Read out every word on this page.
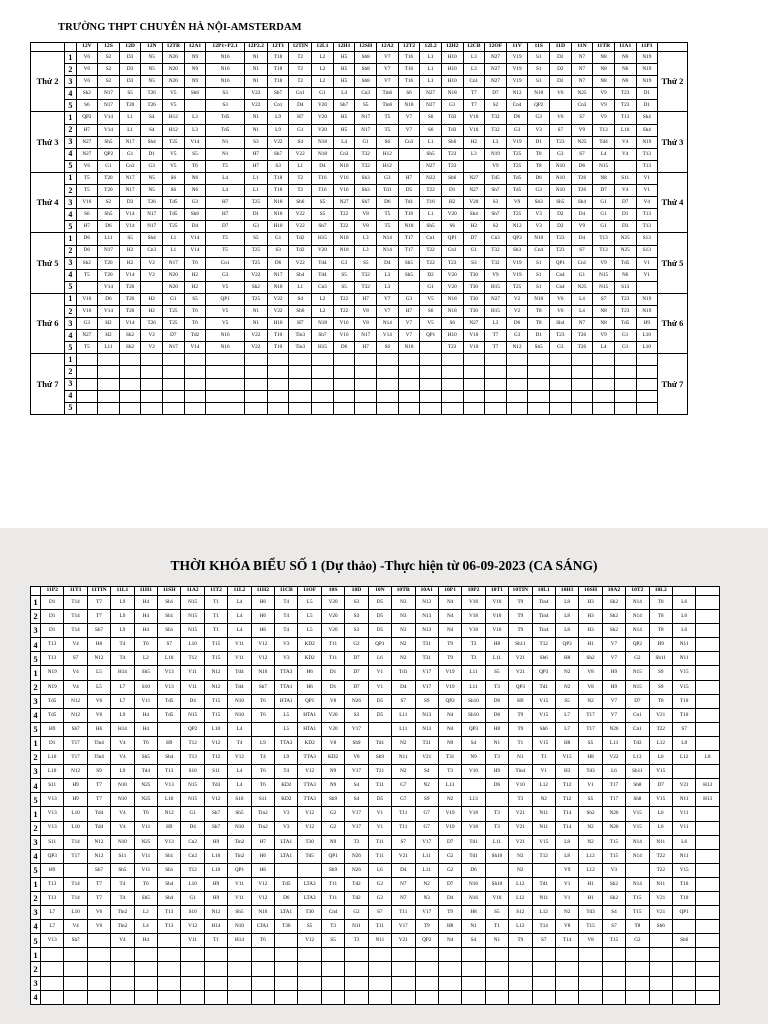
TRƯỜNG THPT CHUYÊN HÀ NỘI-AMSTERDAM
		12V	12S	12D	12N	12TR	12A1	12P1+P2.1	12P2.2	12T1	12TIN	12L1	12H1	12SH	12A2	12T2	12L2	12H2	12CB	12OF	11V	11S	11D	11N	11TR	11A1	11P1		
Thứ 2	1	V6	S2	D3	N5	N20	N9	N16	N1	T18	T2	L2	H5	Sh8	V7	T16	L1	H10	L3	N27	V19	S1	D2	N7	N8	N6	N19	Thứ 2	
	2	V6	S2	D3	N5	N20	N9	N16	N1	T18	T2	L2	H5	Sh8	V7	T16	L1	H10	L3	N27	V19	S1	D2	N7	N8	N6	N19		
	3	V6	S2	D3	N5	N20	N9	N16	N1	T18	T2	L2	H5	Sh8	V7	T16	L1	H10	Cn1	N27	V19	S1	D2	N7	N8	N6	N19		
	4	Sh2	N17	S5	T26	V5	Sh6	S3	V22	Sh7	Cn1	G1	L4	Cn3	Tin6	S6	N27	N18	T7	D7	N12	N10	V6	N25	V9	T23	D1		
	5	S6	N17	T20	T26	V5		S3	V22	Cn1	D4	V20	Sh7	S5	Tin6	N18	N27	G1	T7	S2	Cn4	QP2		Cn3	V9	T23	D1		
Thứ 3	1	QP2	V14	L1	S4	H12	L3	Td5	N1	L9	H7	V20	H5	N17	T5	V7	S6	Td3	V10	T32	D6	G3	V6	S7	V9	T13	Sh4	Thứ 3	
	2	H7	V14	L1	S4	H12	L3	Td5	N1	L9	G1	V20	H5	N17	T5	V7	S6	Td3	V10	T32	G3	V3	S7	V9	T13	L10	Sh4		
	3	N27	Sh5	N17	Sh4	T25	V14	N1	S3	V22	S4	N18	L4	G1	S6	Cn3	L1	Sh6	H2	L3	V19	D1	T23	N25	Td4	V4	N19		
	4	N27	QP2	G1	D1	V5	S5	N1	H7	Sh7	V22	N18	Cn3	T32	H12		Sh5	T23	L3	N19	T25	T8	G3	S7	L4	V4	T13		
	5	V6	G1	Cn3	G3	V5	T6	T5	H7	S3	L1	D4	N18	T32	H12		N27	T23		V9	T25	T8	N10	D6	N15		T13		
Thứ 4	1	T5	T20	N17	N5	S6	N6	L4	L1	T18	T2	T16	V16	Sh3	G3	H7	N22	Sh6	N27	Td5	Td5	D6	N10	T26	N8	S11	V1	Thứ 4	
	2	T5	T20	N17	N5	S6	N6	L4	L1	T18	T2	T16	V16	Sh3	Td1	D5	T22	D1	N27	Sh7	Td5	G3	N10	T26	D7	V4	V1		
	3	V16	S2	D3	T26	Td5	G3	H7	T25	N18	Sh6	S5	N27	Sh7	D6	Td1	T16	H2	V20	S3	V9	Sh3	Sh5	Sh4	G1	D7	V4	
	4	S6	Sh5	V14	N17	Td5	Sh6	H7	D1	N18	V22	S5	T22	V8	T5	T16	L1	V20	Sh4	Sh7	T25	V3	D2	D4	G1	D1	T13		
	5	H7	D6	V14	N17	T25	D4	D7	G3	H10	V22	Sh7	T22	V8	T5	N18	Sh5	S6	H2	S2	N12	V3	D2	V9	G1	D3	T13		
Thứ 5	1	D6	L11	S5	Sh4	L1	V14	T5	S5	G1	Td2	H15	N18	L3	N14	T17	Cn1	QP1	D7	Cn3	QP3	N10	T23	D4	T13	N25	S13	Thứ 5	
	2	D6	N17	H2	Cn3	L1	V14	T5	T25	S3	Td2	V20	N18	L3	N14	T17	T22	Cn1	G1	T32	Sh3	Cn4	T23	S7	T13	N25	S13		
	3	Sh2	T20	H2	V2	N17	T6	Cn1	T25	D6	V22	Td4	G3	S5	D4	Sh5	T22	T23	S3	T32	V19	S1	QP1	Cn1	V9	Td5	V1		
	4	T5	T20	V14	V2	N20	H2	G3	V22	N17	Sh4	Td4	S5	T32	L3	Sh5	D2	V20	T30	V9	V19	S1	Cn4	G1	N15	N6	V1		
	5		V14	T20		N20	H2	V5	Sh2	N18	L1	Cn3	S5	T32	L3		G1	V20	T30	H15	T25	S1	Cn4	N25	N15	S13			
Thứ 6	1	V16	D6	T20	H2	G1	S5	QP1	T25	V22	S4	L2	T22	H7	V7	G3	V5	N18	T30	N27	V2	N10	V6	L4	S7	T23	N19	Thứ 6	
	2	V16	V14	T20	H2	T25	T6	V5	N1	V22	Sh6	L2	T22	V8	V7	H7	S6	N18	T30	H15	V2	T8	V6	L4	N8	T23	N19		
	3	G3	H2	V14	T26	T25	T6	V5	N1	H10	H7	N18	V16	V8	N14	V7	V5	S6	N27	L3	D6	T8	Sh4	N7	N8	Td5	H9		
	4	N27	H2	Sh2	V2	D7	Td2	N16	V22	T10	Tin3	Sh7	V16	N17	V14	V7	QP1	H10	V10	T7	G3	D1	T23	T26	V9	G1	L10		
	5	T5	L11	Sh2	V2	N17	V14	N16	V22	T10	Tin3	H15	D6	H7	S6	N18		T23	V10	T7	N12	Sh5	G3	T26	L4	G1	L10		
Thứ 7	1																											Thứ 7	
	2																												
	3																												
	4																												
	5																												
THỜI KHÓA BIỂU SỐ 1 (Dự thảo) -Thực hiện từ 06-09-2023 (CA SÁNG)
	11P2	11T1	11TIN	11L1	11H1	11SH	11A2	11T2	11L2	11H2	11CB	11OF	10S	10D	10N	10TR	10A1	10P1	10P2	10T1	10TIN	10L1	10H1	10SH	10A2	10T2	10L2		
1	D1	T14	T7	L9	H4	Sh1	N15	T1	L4	H6	T4	L5	V20	S3	D5	N3	N13	N4	V18	V10	T9	Tin4	L8	H3	Sh2	N14	T8	L6	
2	D1	T14	T7	L9	H4	Sh1	N15	T1	L4	H6	T4	L5	V20	S3	D5	N3	N13	N4	V18	V10	T9	Tin4	L8	H3	Sh2	N14	T8	L6	
3	D1	T14	Sh7	L9	H4	Sh1	N15	T1	L4	H6	T4	L5	V20	S3	D5	N3	N13	N4	V18	V10	T9	Tin4	L8	H3	Sh2	N14	T8	L6	
4	T13	V4	H6	T4	T6	S7	L10	T15	V11	V12	V3	KD2	T11	G2	QP1	N2	T31	T9	T3	H8	Sh11	T12	QP3	H1	V7	QP2	H9	N11	
5	T13	S7	N12	T4	L2	L10	T12	T15	V11	V12	V3	KD2	T11	D7	L6	N2	T31	T9	T3	L11	V21	Sh6	H8	Sh2	V7	G2	Sh11	N11	
1	N19	V4	L5	H14	Sh5	V13	V11	N12	Td4	N10	TTA3	H6	D1	D7	V1	Td1	V17	V19	L11	S5	V21	QP3	N2	V8	H9	N15	S9	V15	
2	N19	V4	L5	L7	S10	V13	V11	N12	Td4	Sh7	TTA1	H6	D1	D7	V1	D4	V17	V19	L11	T3	QP3	Td1	N2	V8	H9	N15	S9	V15	
3	Td5	N12	V6	L7	V11	Td5	D4	T15	N10	T6	HTA1	QP1	V8	N26	D5	S7	S9	QP2	Sh10	D6	H9	V15	S5	N2	V7	D7	T8	T10	
4	Td5	N12	V6	L9	H4	Td5	N15	T15	N10	T6	L5	HTA1	V20	S3	D5	L11	N13	N4	Sh10	D6	T9	V15	L7	T17	V7	Cn1	V21	T10	
5	H9	Sh7	H6	H14	H4		QP2	L10	L4		L5	HTA1	V20	V17		L11	N13	N4	QP3	H8	T9	Sh6	L7	T17	N26	Cn1	T22	S7	
1	D1	T17	Tin4	V4	T6	H9	T12	V12	T4	L9	TTA3	KD2	V8	Sh9	Td1	N2	T31	N9	S4	N1	T1	V15	H8	S5	L13	Td3	L12	L8	
2	L10	T17	Tin4	V4	Sh5	Sh4	T13	T12	V12	T4	L9	TTA3	KD2	V8	Sh9	N11	V21	T31	N9	T3	N1	T1	V15	H8	V22	L13	L6	L12	L8
3	L10	N12	S9	L9	Td4	T13	S10	S11	L4	T6	T4	V12	N9	V17	T21	N2	S4	T3	V10	H9	Tin4	V1	H3	Td3	L6	Sh11	V15		
4	S11	H9	T7	N10	N25	V13	N15	Td3	L4	T6	KD2	TTA3	N9	S4	T11	G7	N2	L13		D6	V10	L12	T12	V1	T17	Sh8	D7	V21	H13
5	V13	H9	T7	N10	N25	L10	N15	V12	S10	S11	KD2	TTA3	Sh9	S4	D5	G7	S9	N2	L13		T3	N2	T12	S5	T17	Sh8	V15	N11	H13
1	V13	L10	Td4	V4	T6	N12	G1	Sh7	Sh5	Tin2	V3	V12	G2	V17	V1	T11	G7	V19	V18	T3	V21	N11	T14	Sh2	N26	V15	L6	V11	
2	V13	L10	Td4	V4	V11	H9	D4	Sh7	N10	Tin2	V3	V12	G2	V17	V1	T11	G7	V19	V18	T3	V21	N11	T14	N2	N26	V15	L6	V11	
3	S11	T14	N12	N10	N25	V13	Cn2	H9	Tin2	H7	LTA1	T30	N9	T3	T11	S7	V17	D7	Td1	L11	V21	V15	L8	N2	T15	N14	N11	L6	
4	QP3	T17	N12	S11	V11	Sh1	Cn2	L10	Tin2	H6	LTA1	Td5	QP1	N26	T11	V21	L11	G2	Td1	Sh10	N2	T12	L8	L12	T15	N14	T22	N11	
5	H9		Sh7	Sh5	V11	Sh1	T12	L10	QP1	H6			Sh9	N26	L6	D4	L11	G2	D6		N2		V9	L12	V3		T22	V15	
1	T13	T14	T7	T4	T6	Sh4	L10	H9	V11	V12	Td5	LTA3	T11	Td2	G2	N7	N2	D7	N16	Sh10	L12	Td1	V1	H1	Sh2	N14	N11	T10	
2	T13	T14	T7	T4	Sh5	Sh4	G1	H9	V11	V12	D6	LTA3	T11	Td2	G2	N7	N3	D4	N16	V10	L12	N11	V1	H1	Sh2	T15	V21	T10	
3	L7	L10	V6	Tin2	L2	T13	S10	N12	Sh5	N10	LTA1	T30	Cn4	G2	S7	T11	V17	T9	H8	S5	S12	L12	N2	Td3	S4	T15	V21	QP1	
4	L7	V4	V6	Tin2	L4	T13	V12	H14	N10	LTA1	T30	S5	T3	N11	T11	V17	T9	H8	N1	T1	L12	T14	V8	T15	S7	T8	Sh6		
5	V13	Sh7		V4	H4		V11	T1	H14	T6		V12	S5	T3	N11	V21	QP2	N4	S4	N1	T9	S7	T14	V8	T15	G2		Sh6	
1																													
2																													
3																													
4																													
